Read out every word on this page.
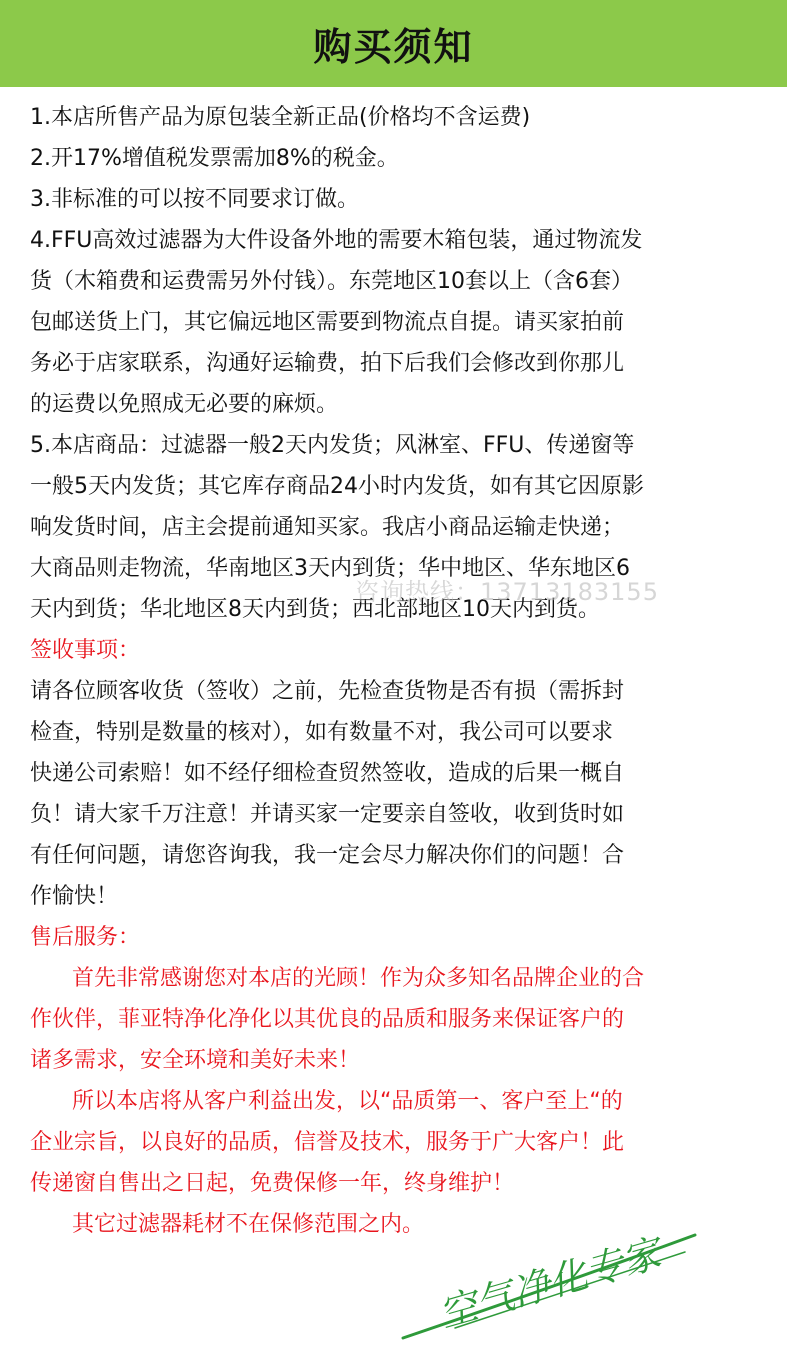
购买须知
1.本店所售产品为原包装全新正品(价格均不含运费)
2.开17%增值税发票需加8%的税金。
3.非标准的可以按不同要求订做。
4.FFU高效过滤器为大件设备外地的需要木箱包装，通过物流发
货（木箱费和运费需另外付钱）。东莞地区10套以上（含6套）
包邮送货上门，其它偏远地区需要到物流点自提。请买家拍前
务必于店家联系，沟通好运输费，拍下后我们会修改到你那儿
的运费以免照成无必要的麻烦。
5.本店商品：过滤器一般2天内发货；风淋室、FFU、传递窗等
一般5天内发货；其它库存商品24小时内发货，如有其它因原影
响发货时间，店主会提前通知买家。我店小商品运输走快递；
大商品则走物流，华南地区3天内到货；华中地区、华东地区6
天内到货；华北地区8天内到货；西北部地区10天内到货。
签收事项：
请各位顾客收货（签收）之前，先检查货物是否有损（需拆封
检查，特别是数量的核对），如有数量不对，我公司可以要求
快递公司索赔！如不经仔细检查贸然签收，造成的后果一概自
负！请大家千万注意！并请买家一定要亲自签收，收到货时如
有任何问题，请您咨询我，我一定会尽力解决你们的问题！合
作愉快！
售后服务：
首先非常感谢您对本店的光顾！作为众多知名品牌企业的合
作伙伴，菲亚特净化净化以其优良的品质和服务来保证客户的
诸多需求，安全环境和美好未来！
所以本店将从客户利益出发，以“品质第一、客户至上“的
企业宗旨，以良好的品质，信誉及技术，服务于广大客户！此
传递窗自售出之日起，免费保修一年，终身维护！
其它过滤器耗材不在保修范围之内。
咨询热线：13713183155
空气净化专家
